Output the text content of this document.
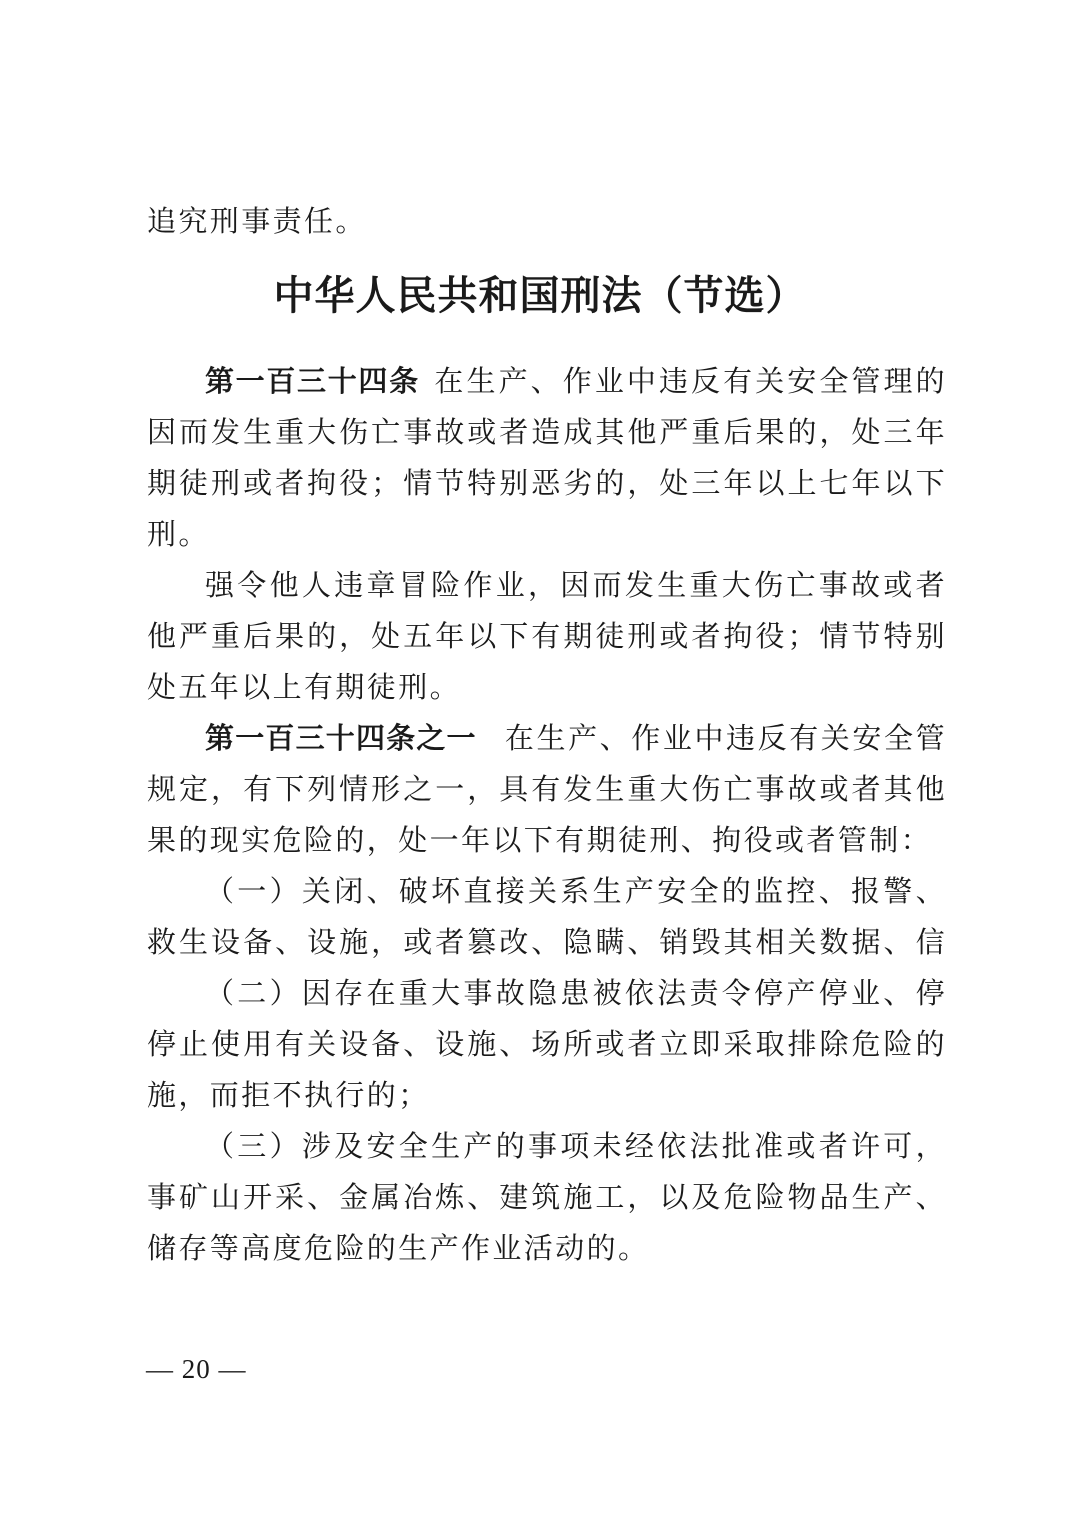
追究刑事责任。
中华人民共和国刑法（节选）
第一百三十四条 在生产、作业中违反有关安全管理的
因而发生重大伤亡事故或者造成其他严重后果的，处三年
期徒刑或者拘役；情节特别恶劣的，处三年以上七年以下
刑。
强令他人违章冒险作业，因而发生重大伤亡事故或者
他严重后果的，处五年以下有期徒刑或者拘役；情节特别
处五年以上有期徒刑。
第一百三十四条之一 在生产、作业中违反有关安全管
规定，有下列情形之一，具有发生重大伤亡事故或者其他
果的现实危险的，处一年以下有期徒刑、拘役或者管制：
（一）关闭、破坏直接关系生产安全的监控、报警、
救生设备、设施，或者篡改、隐瞒、销毁其相关数据、信
（二）因存在重大事故隐患被依法责令停产停业、停
停止使用有关设备、设施、场所或者立即采取排除危险的
施，而拒不执行的；
（三）涉及安全生产的事项未经依法批准或者许可，
事矿山开采、金属冶炼、建筑施工，以及危险物品生产、
储存等高度危险的生产作业活动的。
— 20 —
